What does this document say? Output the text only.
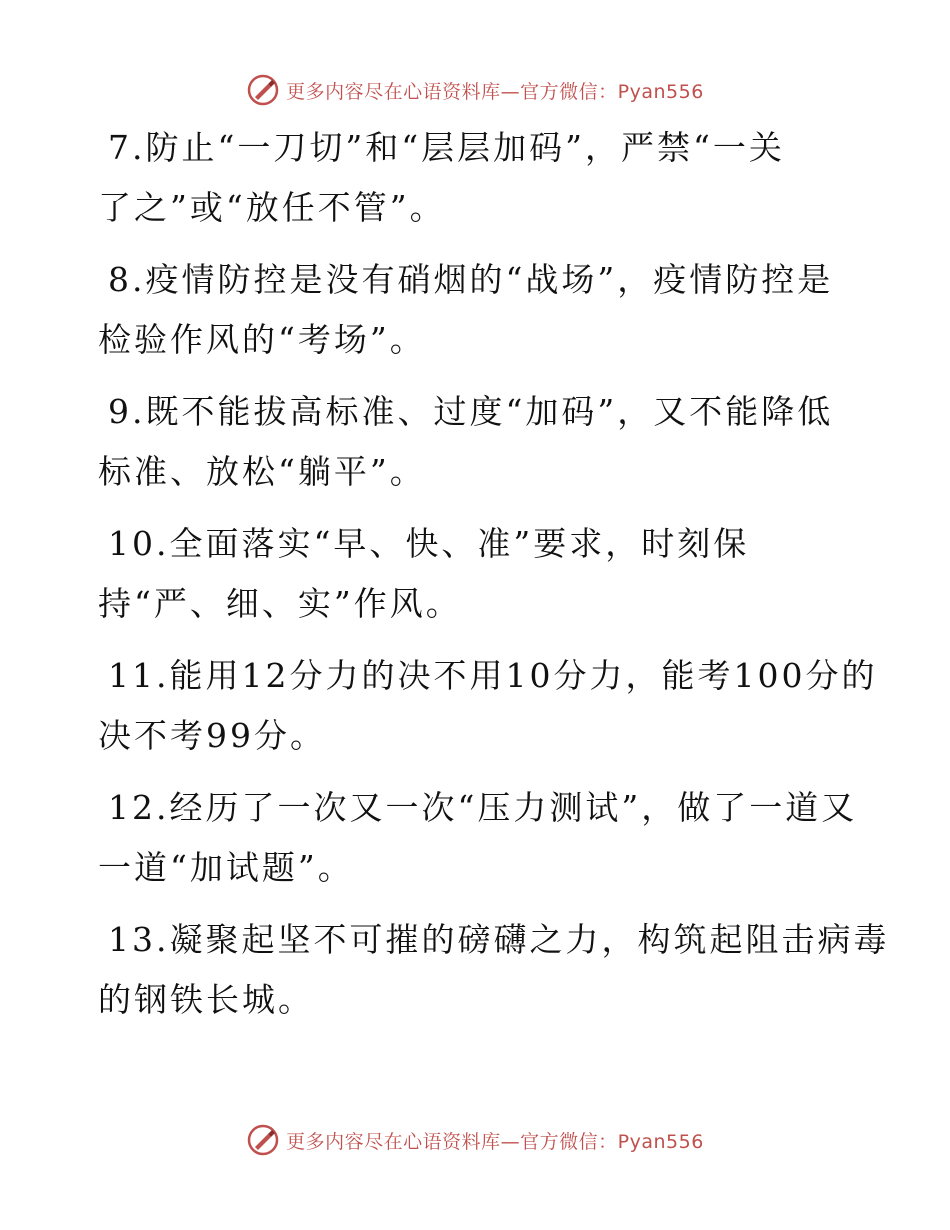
更多内容尽在心语资料库—官方微信：Pyan556
7.防止“一刀切”和“层层加码”，严禁“一关
了之”或“放任不管”。
8.疫情防控是没有硝烟的“战场”，疫情防控是
检验作风的“考场”。
9.既不能拔高标准、过度“加码”，又不能降低
标准、放松“躺平”。
10.全面落实“早、快、准”要求，时刻保
持“严、细、实”作风。
11.能用12分力的决不用10分力，能考100分的
决不考99分。
12.经历了一次又一次“压力测试”，做了一道又
一道“加试题”。
13.凝聚起坚不可摧的磅礴之力，构筑起阻击病毒
的钢铁长城。
更多内容尽在心语资料库—官方微信：Pyan556
